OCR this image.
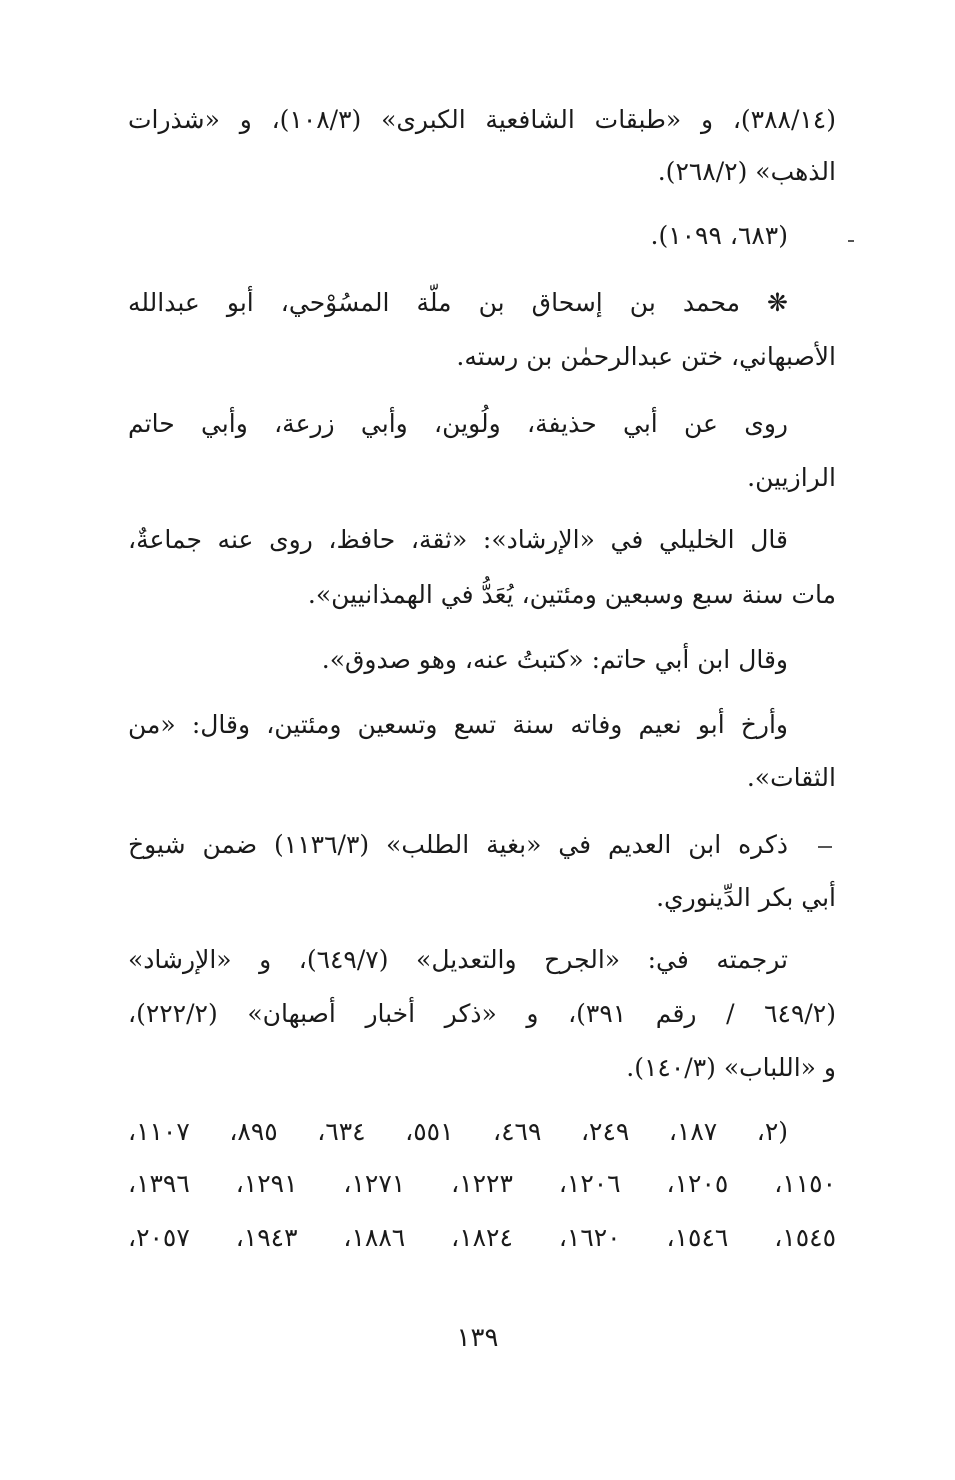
(٣٨٨/١٤)، و «طبقات الشافعية الكبرى» (١٠٨/٣)، و «شذرات
الذهب» (٢٦٨/٢).
(٦٨٣، ١٠٩٩).
❋ محمد بن إسحاق بن ملّة المسُوْحي، أبو عبدالله
الأصبهاني، ختن عبدالرحمٰن بن رسته.
روى عن أبي حذيفة، ولُوين، وأبي زرعة، وأبي حاتم
الرازيين.
قال الخليلي في «الإرشاد»: «ثقة، حافظ، روى عنه جماعةٌ،
مات سنة سبع وسبعين ومئتين، يُعَدُّ في الهمذانيين».
وقال ابن أبي حاتم: «كتبتُ عنه، وهو صدوق».
وأرخ أبو نعيم وفاته سنة تسع وتسعين ومئتين، وقال: «من
الثقات».
ذكره ابن العديم في «بغية الطلب» (١١٣٦/٣) ضمن شيوخ
أبي بكر الدِّينوري.
ترجمته في: «الجرح والتعديل» (٦٤٩/٧)، و «الإرشاد»
(٦٤٩/٢ / رقم ٣٩١)، و «ذكر أخبار أصبهان» (٢٢٢/٢)،
و «اللباب» (١٤٠/٣).
(٢، ١٨٧، ٢٤٩، ٤٦٩، ٥٥١، ٦٣٤، ٨٩٥، ١١٠٧،
١١٥٠، ١٢٠٥، ١٢٠٦، ١٢٢٣، ١٢٧١، ١٢٩١، ١٣٩٦،
١٥٤٥، ١٥٤٦، ١٦٢٠، ١٨٢٤، ١٨٨٦، ١٩٤٣، ٢٠٥٧،
١٣٩
